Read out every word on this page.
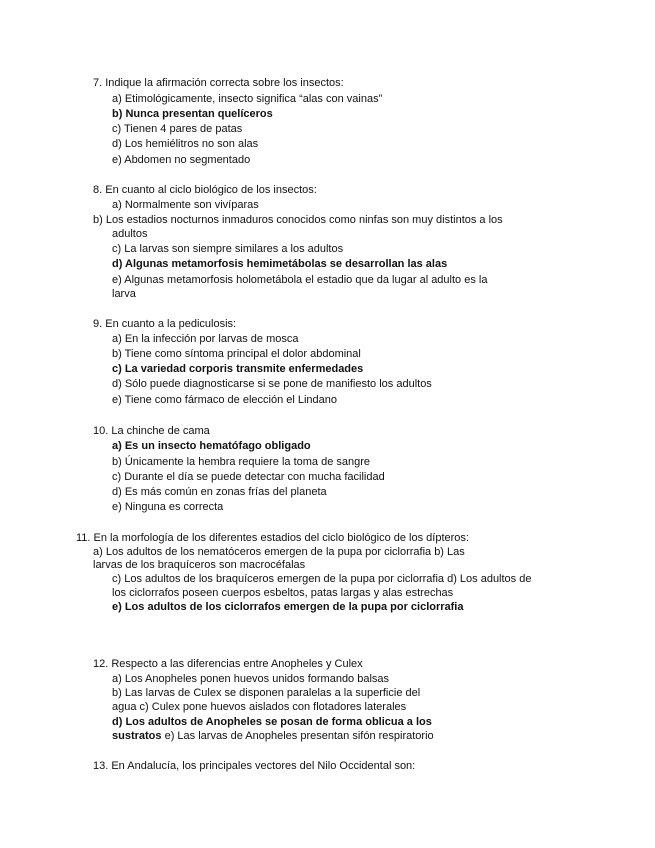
7. Indique la afirmación correcta sobre los insectos:
a) Etimológicamente, insecto significa “alas con vainas”
b) Nunca presentan quelíceros
c) Tienen 4 pares de patas
d) Los hemiélitros no son alas
e) Abdomen no segmentado
8. En cuanto al ciclo biológico de los insectos:
a) Normalmente son vivíparas
b) Los estadios nocturnos inmaduros conocidos como ninfas son muy distintos a los
adultos
c) La larvas son siempre similares a los adultos
d) Algunas metamorfosis hemimetábolas se desarrollan las alas
e) Algunas metamorfosis holometábola el estadio que da lugar al adulto es la
larva
9. En cuanto a la pediculosis:
a) En la infección por larvas de mosca
b) Tiene como síntoma principal el dolor abdominal
c) La variedad corporis transmite enfermedades
d) Sólo puede diagnosticarse si se pone de manifiesto los adultos
e) Tiene como fármaco de elección el Lindano
10. La chinche de cama
a) Es un insecto hematófago obligado
b) Únicamente la hembra requiere la toma de sangre
c) Durante el día se puede detectar con mucha facilidad
d) Es más común en zonas frías del planeta
e) Ninguna es correcta
11. En la morfología de los diferentes estadios del ciclo biológico de los dípteros:
a) Los adultos de los nematóceros emergen de la pupa por ciclorrafia b) Las
larvas de los braquíceros son macrocéfalas
c) Los adultos de los braquíceros emergen de la pupa por ciclorrafia d) Los adultos de
los ciclorrafos poseen cuerpos esbeltos, patas largas y alas estrechas
e) Los adultos de los ciclorrafos emergen de la pupa por ciclorrafia
12. Respecto a las diferencias entre Anopheles y Culex
a) Los Anopheles ponen huevos unidos formando balsas
b) Las larvas de Culex se disponen paralelas a la superficie del
agua c) Culex pone huevos aislados con flotadores laterales
d) Los adultos de Anopheles se posan de forma oblicua a los
sustratos e) Las larvas de Anopheles presentan sifón respiratorio
13. En Andalucía, los principales vectores del Nilo Occidental son:
